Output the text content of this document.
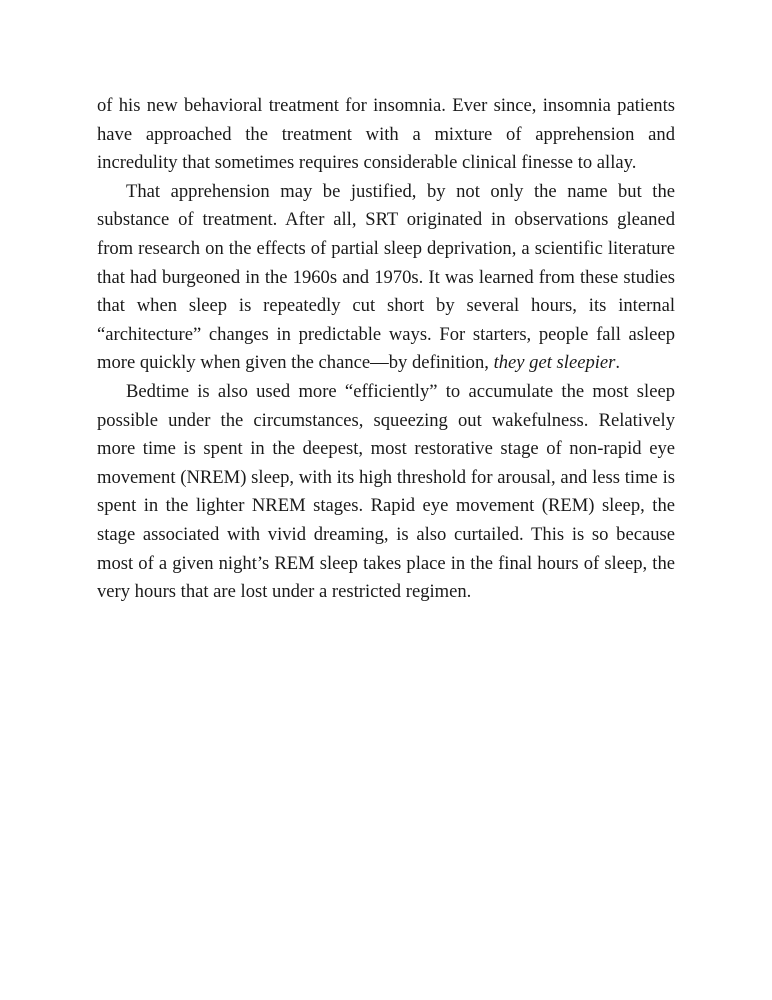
of his new behavioral treatment for insomnia. Ever since, insomnia patients have approached the treatment with a mixture of apprehension and incredulity that sometimes requires considerable clinical finesse to allay.

That apprehension may be justified, by not only the name but the substance of treatment. After all, SRT originated in observations gleaned from research on the effects of partial sleep deprivation, a scientific literature that had burgeoned in the 1960s and 1970s. It was learned from these studies that when sleep is repeatedly cut short by several hours, its internal “architecture” changes in predictable ways. For starters, people fall asleep more quickly when given the chance—by definition, they get sleepier.

Bedtime is also used more “efficiently” to accumulate the most sleep possible under the circumstances, squeezing out wakefulness. Relatively more time is spent in the deepest, most restorative stage of non-rapid eye movement (NREM) sleep, with its high threshold for arousal, and less time is spent in the lighter NREM stages. Rapid eye movement (REM) sleep, the stage associated with vivid dreaming, is also curtailed. This is so because most of a given night’s REM sleep takes place in the final hours of sleep, the very hours that are lost under a restricted regimen.
